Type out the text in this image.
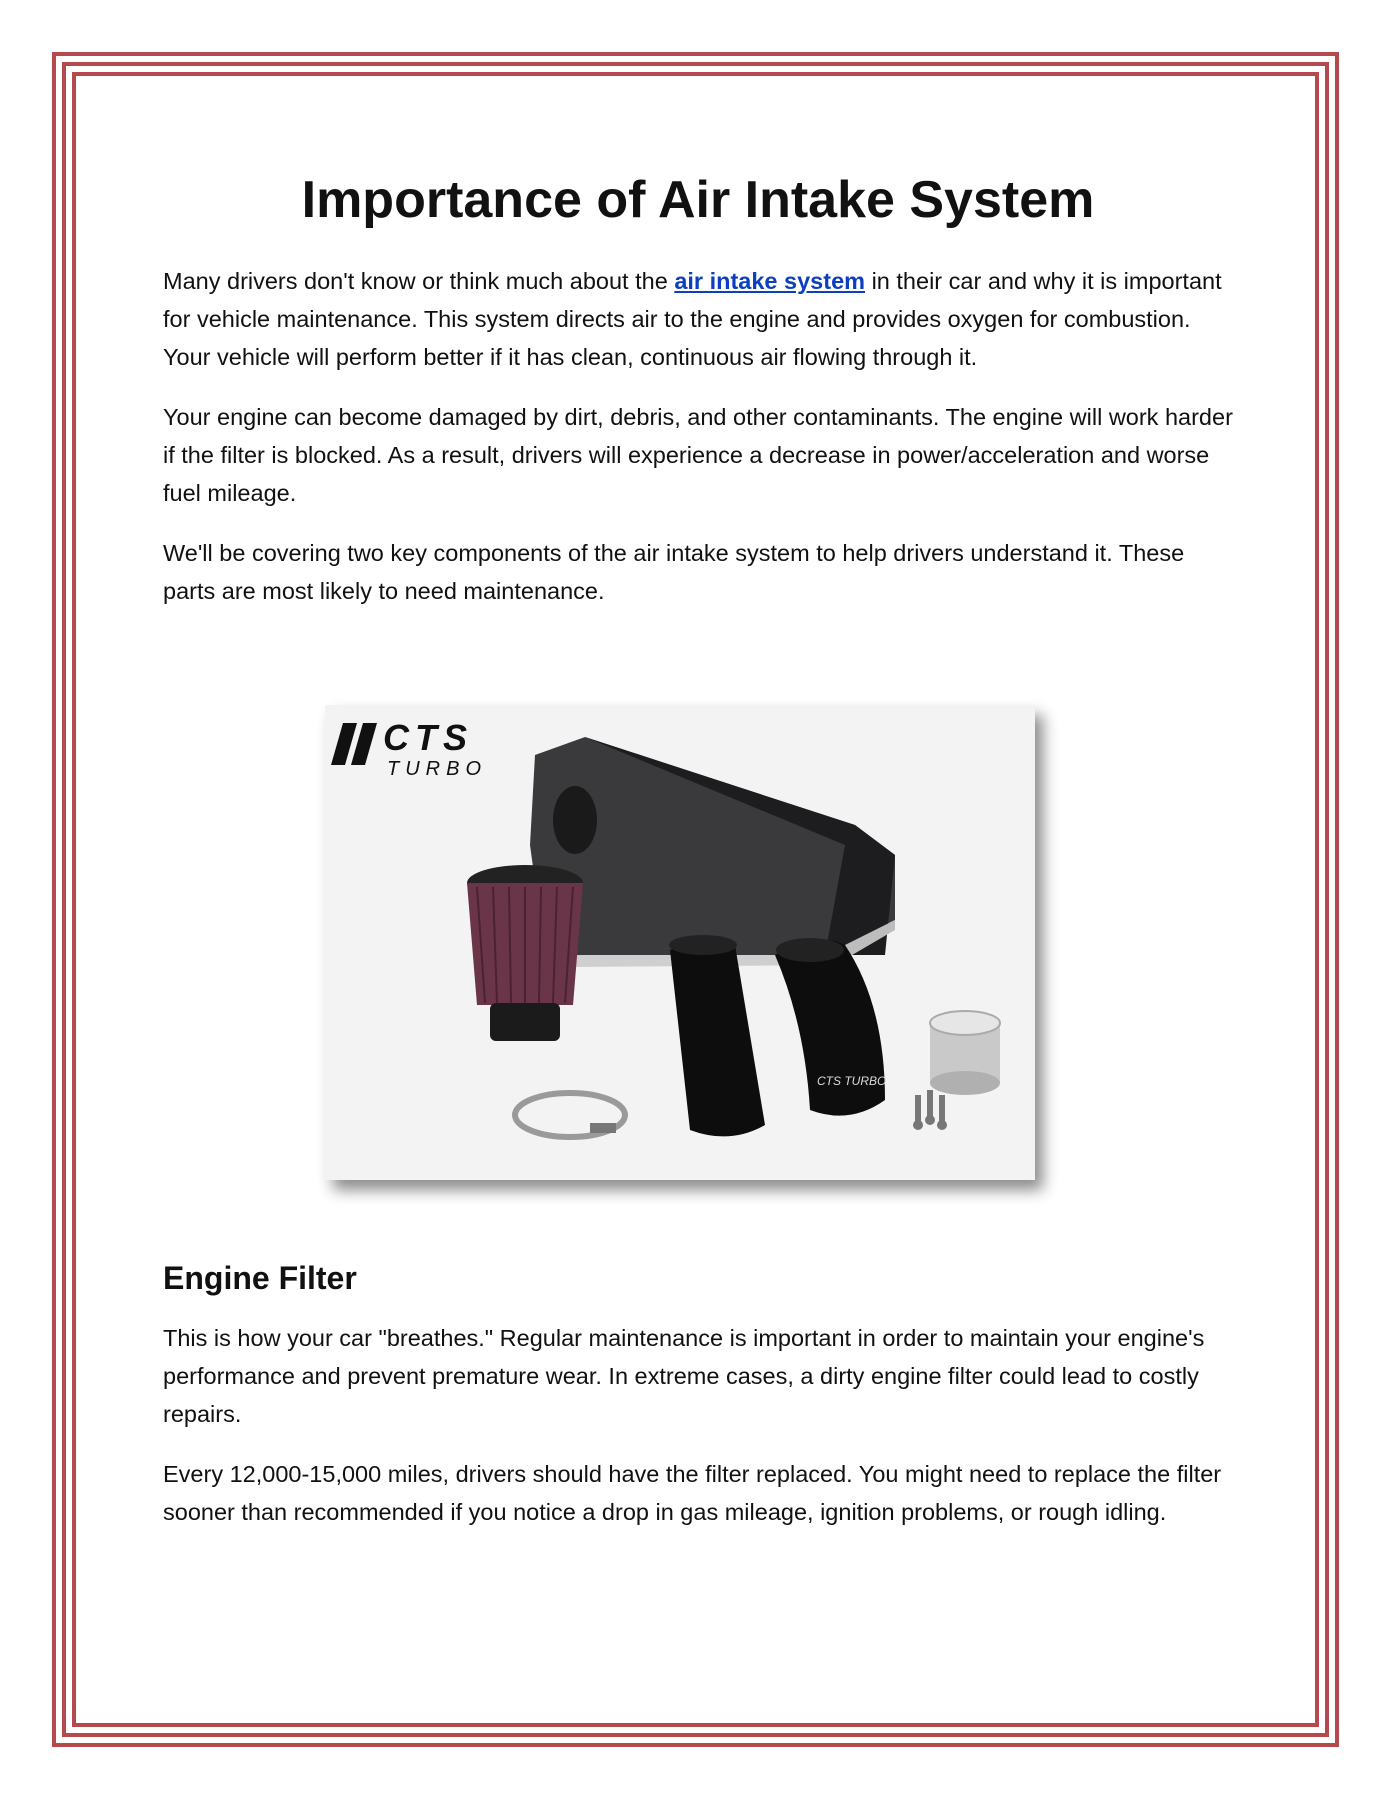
Importance of Air Intake System

Many drivers don't know or think much about the air intake system in their car and why it is important for vehicle maintenance. This system directs air to the engine and provides oxygen for combustion. Your vehicle will perform better if it has clean, continuous air flowing through it.

Your engine can become damaged by dirt, debris, and other contaminants. The engine will work harder if the filter is blocked. As a result, drivers will experience a decrease in power/acceleration and worse fuel mileage.

We'll be covering two key components of the air intake system to help drivers understand it. These parts are most likely to need maintenance.

CTS
TURBO
CTS TURBO
Engine Filter

This is how your car "breathes." Regular maintenance is important in order to maintain your engine's performance and prevent premature wear. In extreme cases, a dirty engine filter could lead to costly repairs.

Every 12,000-15,000 miles, drivers should have the filter replaced. You might need to replace the filter sooner than recommended if you notice a drop in gas mileage, ignition problems, or rough idling.
